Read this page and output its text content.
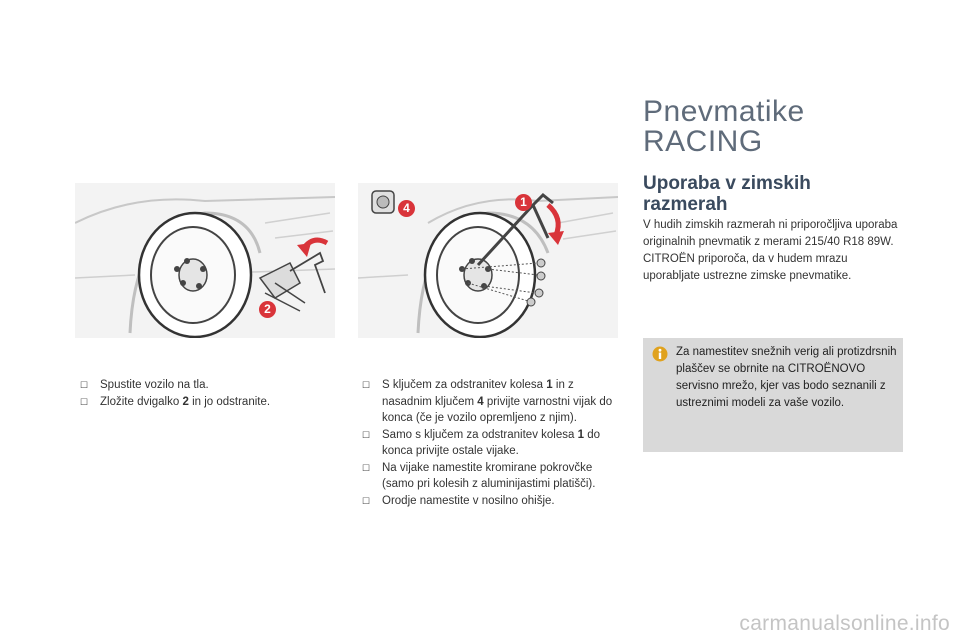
2
1
4
☐ Spustite vozilo na tla.
☐ Zložite dvigalko 2 in jo odstranite.
☐ S ključem za odstranitev kolesa 1 in z nasadnim ključem 4 privijte varnostni vijak do konca (če je vozilo opremljeno z njim).
☐ Samo s ključem za odstranitev kolesa 1 do konca privijte ostale vijake.
☐ Na vijake namestite kromirane pokrovčke (samo pri kolesih z aluminijastimi platišči).
☐ Orodje namestite v nosilno ohišje.
Pnevmatike
RACING
Uporaba v zimskih razmerah

V hudih zimskih razmerah ni priporočljiva uporaba originalnih pnevmatik z merami 215/40 R18 89W. CITROËN priporoča, da v hudem mrazu uporabljate ustrezne zimske pnevmatike.

Za namestitev snežnih verig ali protizdrsnih plaščev se obrnite na CITROËNOVO servisno mrežo, kjer vas bodo seznanili z ustreznimi modeli za vaše vozilo.

carmanualsonline.info
